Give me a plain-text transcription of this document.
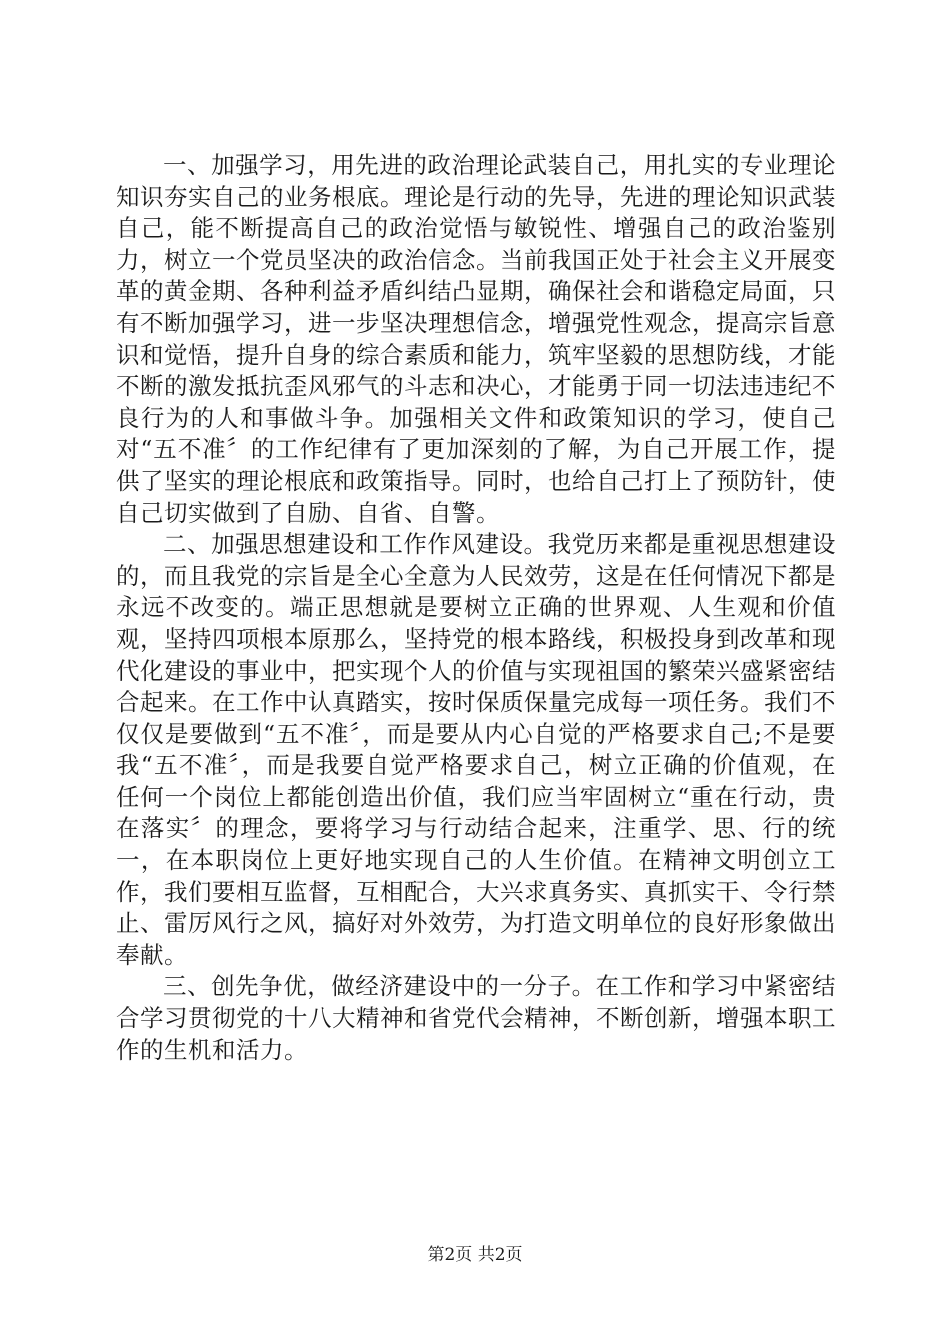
一、加强学习，用先进的政治理论武装自己，用扎实的专业理论知识夯实自己的业务根底。理论是行动的先导，先进的理论知识武装自己，能不断提高自己的政治觉悟与敏锐性、增强自己的政治鉴别力，树立一个党员坚决的政治信念。当前我国正处于社会主义开展变革的黄金期、各种利益矛盾纠结凸显期，确保社会和谐稳定局面，只有不断加强学习，进一步坚决理想信念，增强党性观念，提高宗旨意识和觉悟，提升自身的综合素质和能力，筑牢坚毅的思想防线，才能不断的激发抵抗歪风邪气的斗志和决心，才能勇于同一切法违违纪不良行为的人和事做斗争。加强相关文件和政策知识的学习，使自己对“五不准〞的工作纪律有了更加深刻的了解，为自己开展工作，提供了坚实的理论根底和政策指导。同时，也给自己打上了预防针，使自己切实做到了自励、自省、自警。

二、加强思想建设和工作作风建设。我党历来都是重视思想建设的，而且我党的宗旨是全心全意为人民效劳，这是在任何情况下都是永远不改变的。端正思想就是要树立正确的世界观、人生观和价值观，坚持四项根本原那么，坚持党的根本路线，积极投身到改革和现代化建设的事业中，把实现个人的价值与实现祖国的繁荣兴盛紧密结合起来。在工作中认真踏实，按时保质保量完成每一项任务。我们不仅仅是要做到“五不准〞，而是要从内心自觉的严格要求自己;不是要我“五不准〞，而是我要自觉严格要求自己，树立正确的价值观，在任何一个岗位上都能创造出价值，我们应当牢固树立“重在行动，贵在落实〞的理念，要将学习与行动结合起来，注重学、思、行的统一，在本职岗位上更好地实现自己的人生价值。在精神文明创立工作，我们要相互监督，互相配合，大兴求真务实、真抓实干、令行禁止、雷厉风行之风，搞好对外效劳，为打造文明单位的良好形象做出奉献。

三、创先争优，做经济建设中的一分子。在工作和学习中紧密结合学习贯彻党的十八大精神和省党代会精神，不断创新，增强本职工作的生机和活力。

第2页 共2页
